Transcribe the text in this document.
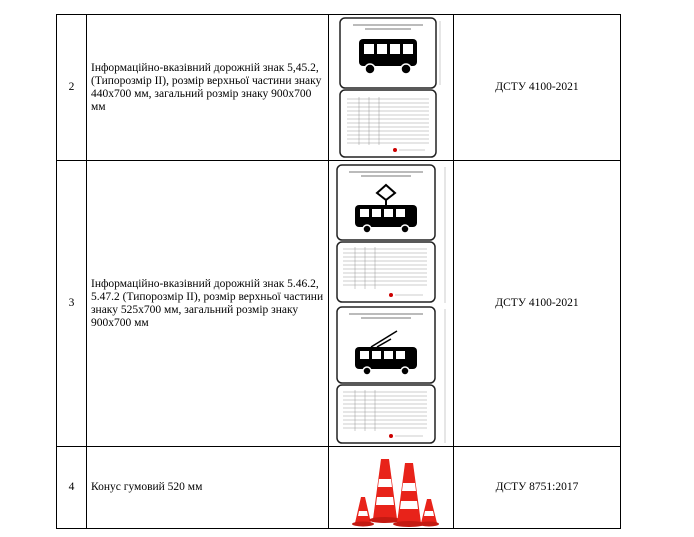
2	Інформаційно-вказівний дорожній знак 5,45.2, (Типорозмір ІІ), розмір верхньої частини знаку 440х700 мм, загальний розмір знаку 900х700 мм		ДСТУ 4100-2021
3	Інформаційно-вказівний дорожній знак 5.46.2, 5.47.2 (Типорозмір ІІ), розмір верхньої частини знаку 525х700 мм, загальний розмір знаку 900х700 мм		ДСТУ 4100-2021
4	Конус гумовий 520 мм		ДСТУ 8751:2017
